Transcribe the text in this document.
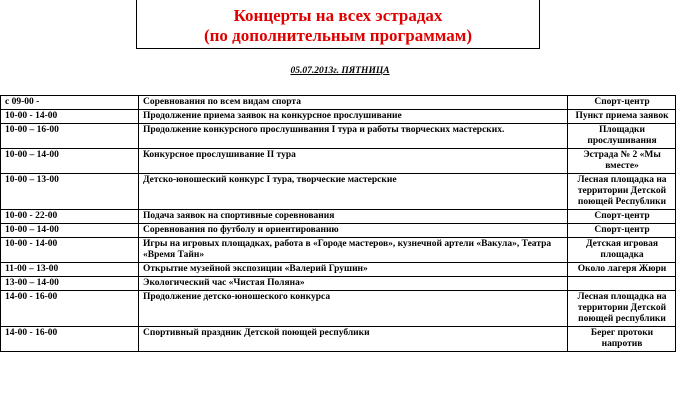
Концерты на всех эстрадах
(по дополнительным программам)
05.07.2013г. ПЯТНИЦА
с 09-00 -	Соревнования по всем видам спорта	Спорт-центр
10-00 - 14-00	Продолжение приема заявок на конкурсное прослушивание	Пункт приема заявок
10-00 – 16-00	Продолжение конкурсного прослушивания I тура и работы творческих мастерских.	Площадки прослушивания
10-00 – 14-00	Конкурсное прослушивание II тура	Эстрада № 2 «Мы вместе»
10-00 – 13-00	Детско-юношеский конкурс I тура, творческие мастерские	Лесная площадка на территории Детской поющей Республики
10-00 - 22-00	Подача заявок на спортивные соревнования	Спорт-центр
10-00 – 14-00	Соревнования по футболу и ориентированию	Спорт-центр
10-00 - 14-00	Игры на игровых площадках, работа в «Городе мастеров», кузнечной артели «Вакула», Театра «Время Тайн»	Детская игровая площадка
11-00 – 13-00	Открытие музейной экспозиции «Валерий Грушин»	Около лагеря Жюри
13-00 – 14-00	Экологический час «Чистая Поляна»	
14-00 - 16-00	Продолжение детско-юношеского конкурса	Лесная площадка на территории Детской поющей республики
14-00 - 16-00	Спортивный праздник Детской поющей республики	Берег протоки напротив
